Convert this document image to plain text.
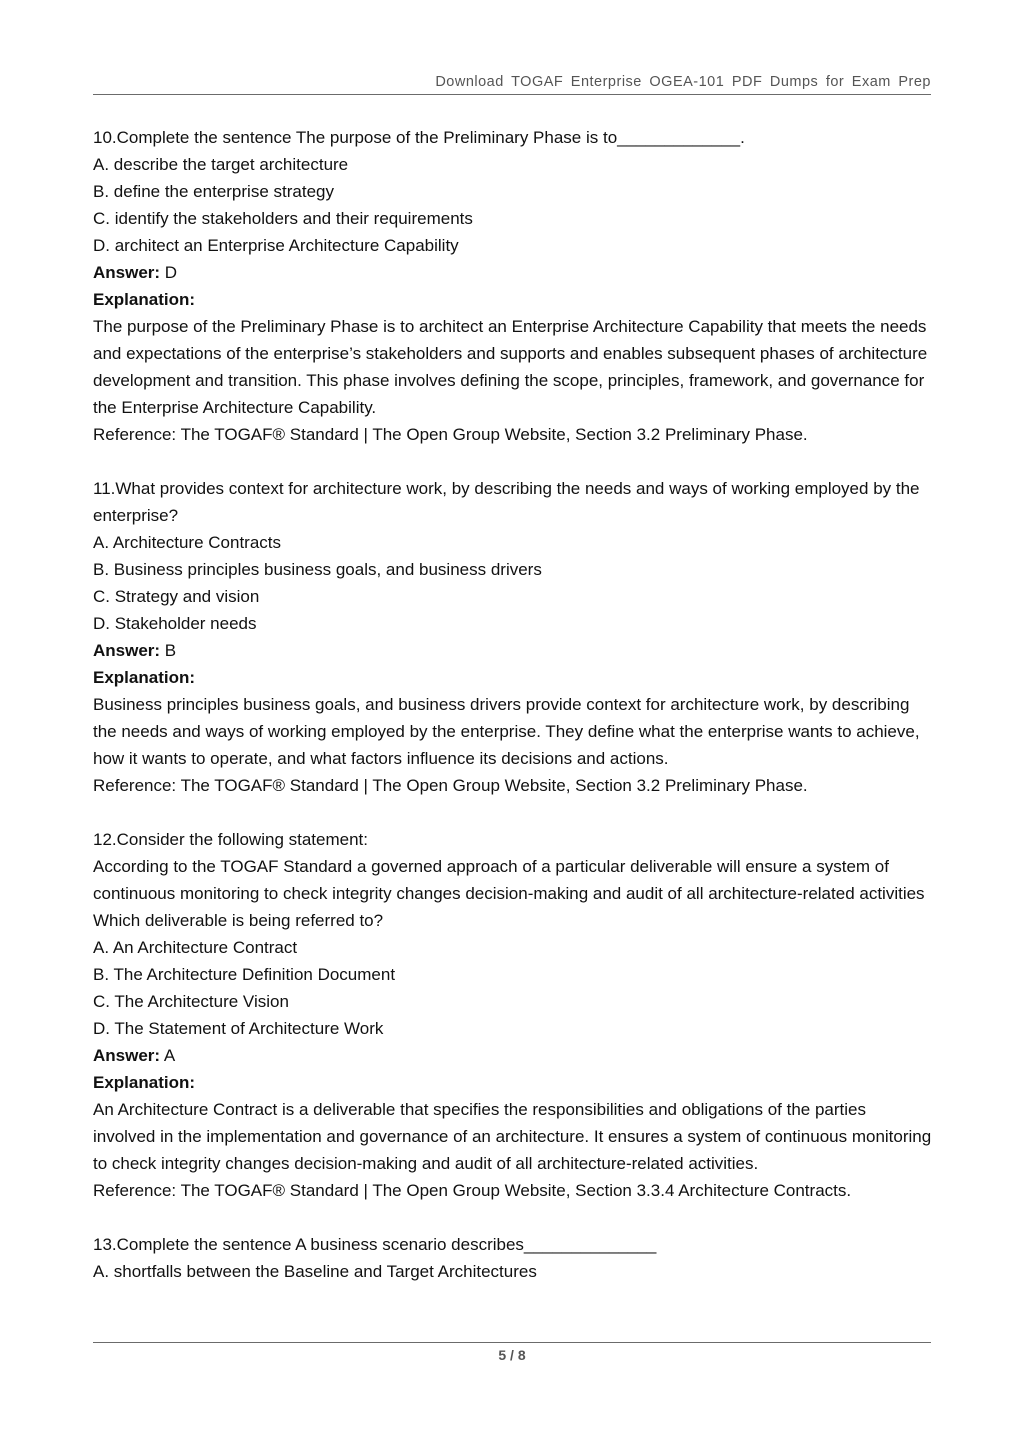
Download TOGAF Enterprise OGEA-101 PDF Dumps for Exam Prep
10.Complete the sentence The purpose of the Preliminary Phase is to_____________.
A. describe the target architecture
B. define the enterprise strategy
C. identify the stakeholders and their requirements
D. architect an Enterprise Architecture Capability
Answer: D
Explanation:
The purpose of the Preliminary Phase is to architect an Enterprise Architecture Capability that meets the needs and expectations of the enterprise’s stakeholders and supports and enables subsequent phases of architecture development and transition. This phase involves defining the scope, principles, framework, and governance for the Enterprise Architecture Capability.
Reference: The TOGAF® Standard | The Open Group Website, Section 3.2 Preliminary Phase.
11.What provides context for architecture work, by describing the needs and ways of working employed by the enterprise?
A. Architecture Contracts
B. Business principles business goals, and business drivers
C. Strategy and vision
D. Stakeholder needs
Answer: B
Explanation:
Business principles business goals, and business drivers provide context for architecture work, by describing the needs and ways of working employed by the enterprise. They define what the enterprise wants to achieve, how it wants to operate, and what factors influence its decisions and actions.
Reference: The TOGAF® Standard | The Open Group Website, Section 3.2 Preliminary Phase.
12.Consider the following statement:
According to the TOGAF Standard a governed approach of a particular deliverable will ensure a system of continuous monitoring to check integrity changes decision-making and audit of all architecture-related activities
Which deliverable is being referred to?
A. An Architecture Contract
B. The Architecture Definition Document
C. The Architecture Vision
D. The Statement of Architecture Work
Answer: A
Explanation:
An Architecture Contract is a deliverable that specifies the responsibilities and obligations of the parties involved in the implementation and governance of an architecture. It ensures a system of continuous monitoring to check integrity changes decision-making and audit of all architecture-related activities.
Reference: The TOGAF® Standard | The Open Group Website, Section 3.3.4 Architecture Contracts.
13.Complete the sentence A business scenario describes______________
A. shortfalls between the Baseline and Target Architectures
5 / 8
